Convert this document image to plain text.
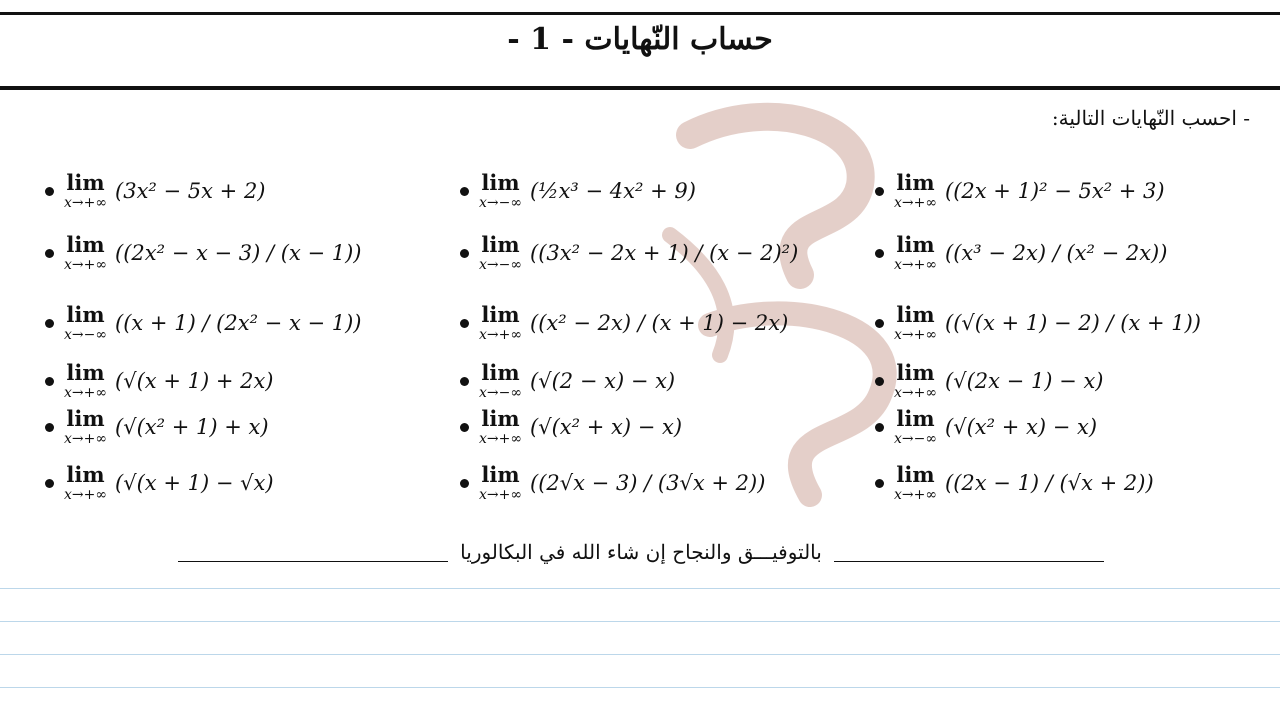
حساب النّهايات - 1 -
- احسب النّهايات التالية:
lim
x→+∞ (3x² − 5x + 2)
lim
x→+∞ ((2x² − x − 3) / (x − 1))
lim
x→−∞ ((x + 1) / (2x² − x − 1))
lim
x→+∞ (√(x + 1) + 2x)
lim
x→+∞ (√(x² + 1) + x)
lim
x→+∞ (√(x + 1) − √x)
lim
x→−∞ (½x³ − 4x² + 9)
lim
x→−∞ ((3x² − 2x + 1) / (x − 2)²)
lim
x→+∞ ((x² − 2x) / (x + 1) − 2x)
lim
x→−∞ (√(2 − x) − x)
lim
x→+∞ (√(x² + x) − x)
lim
x→+∞ ((2√x − 3) / (3√x + 2))
lim
x→+∞ ((2x + 1)² − 5x² + 3)
lim
x→+∞ ((x³ − 2x) / (x² − 2x))
lim
x→+∞ ((√(x + 1) − 2) / (x + 1))
lim
x→+∞ (√(2x − 1) − x)
lim
x→−∞ (√(x² + x) − x)
lim
x→+∞ ((2x − 1) / (√x + 2))
بالتوفيـــق والنجاح إن شاء الله في البكالوريا
